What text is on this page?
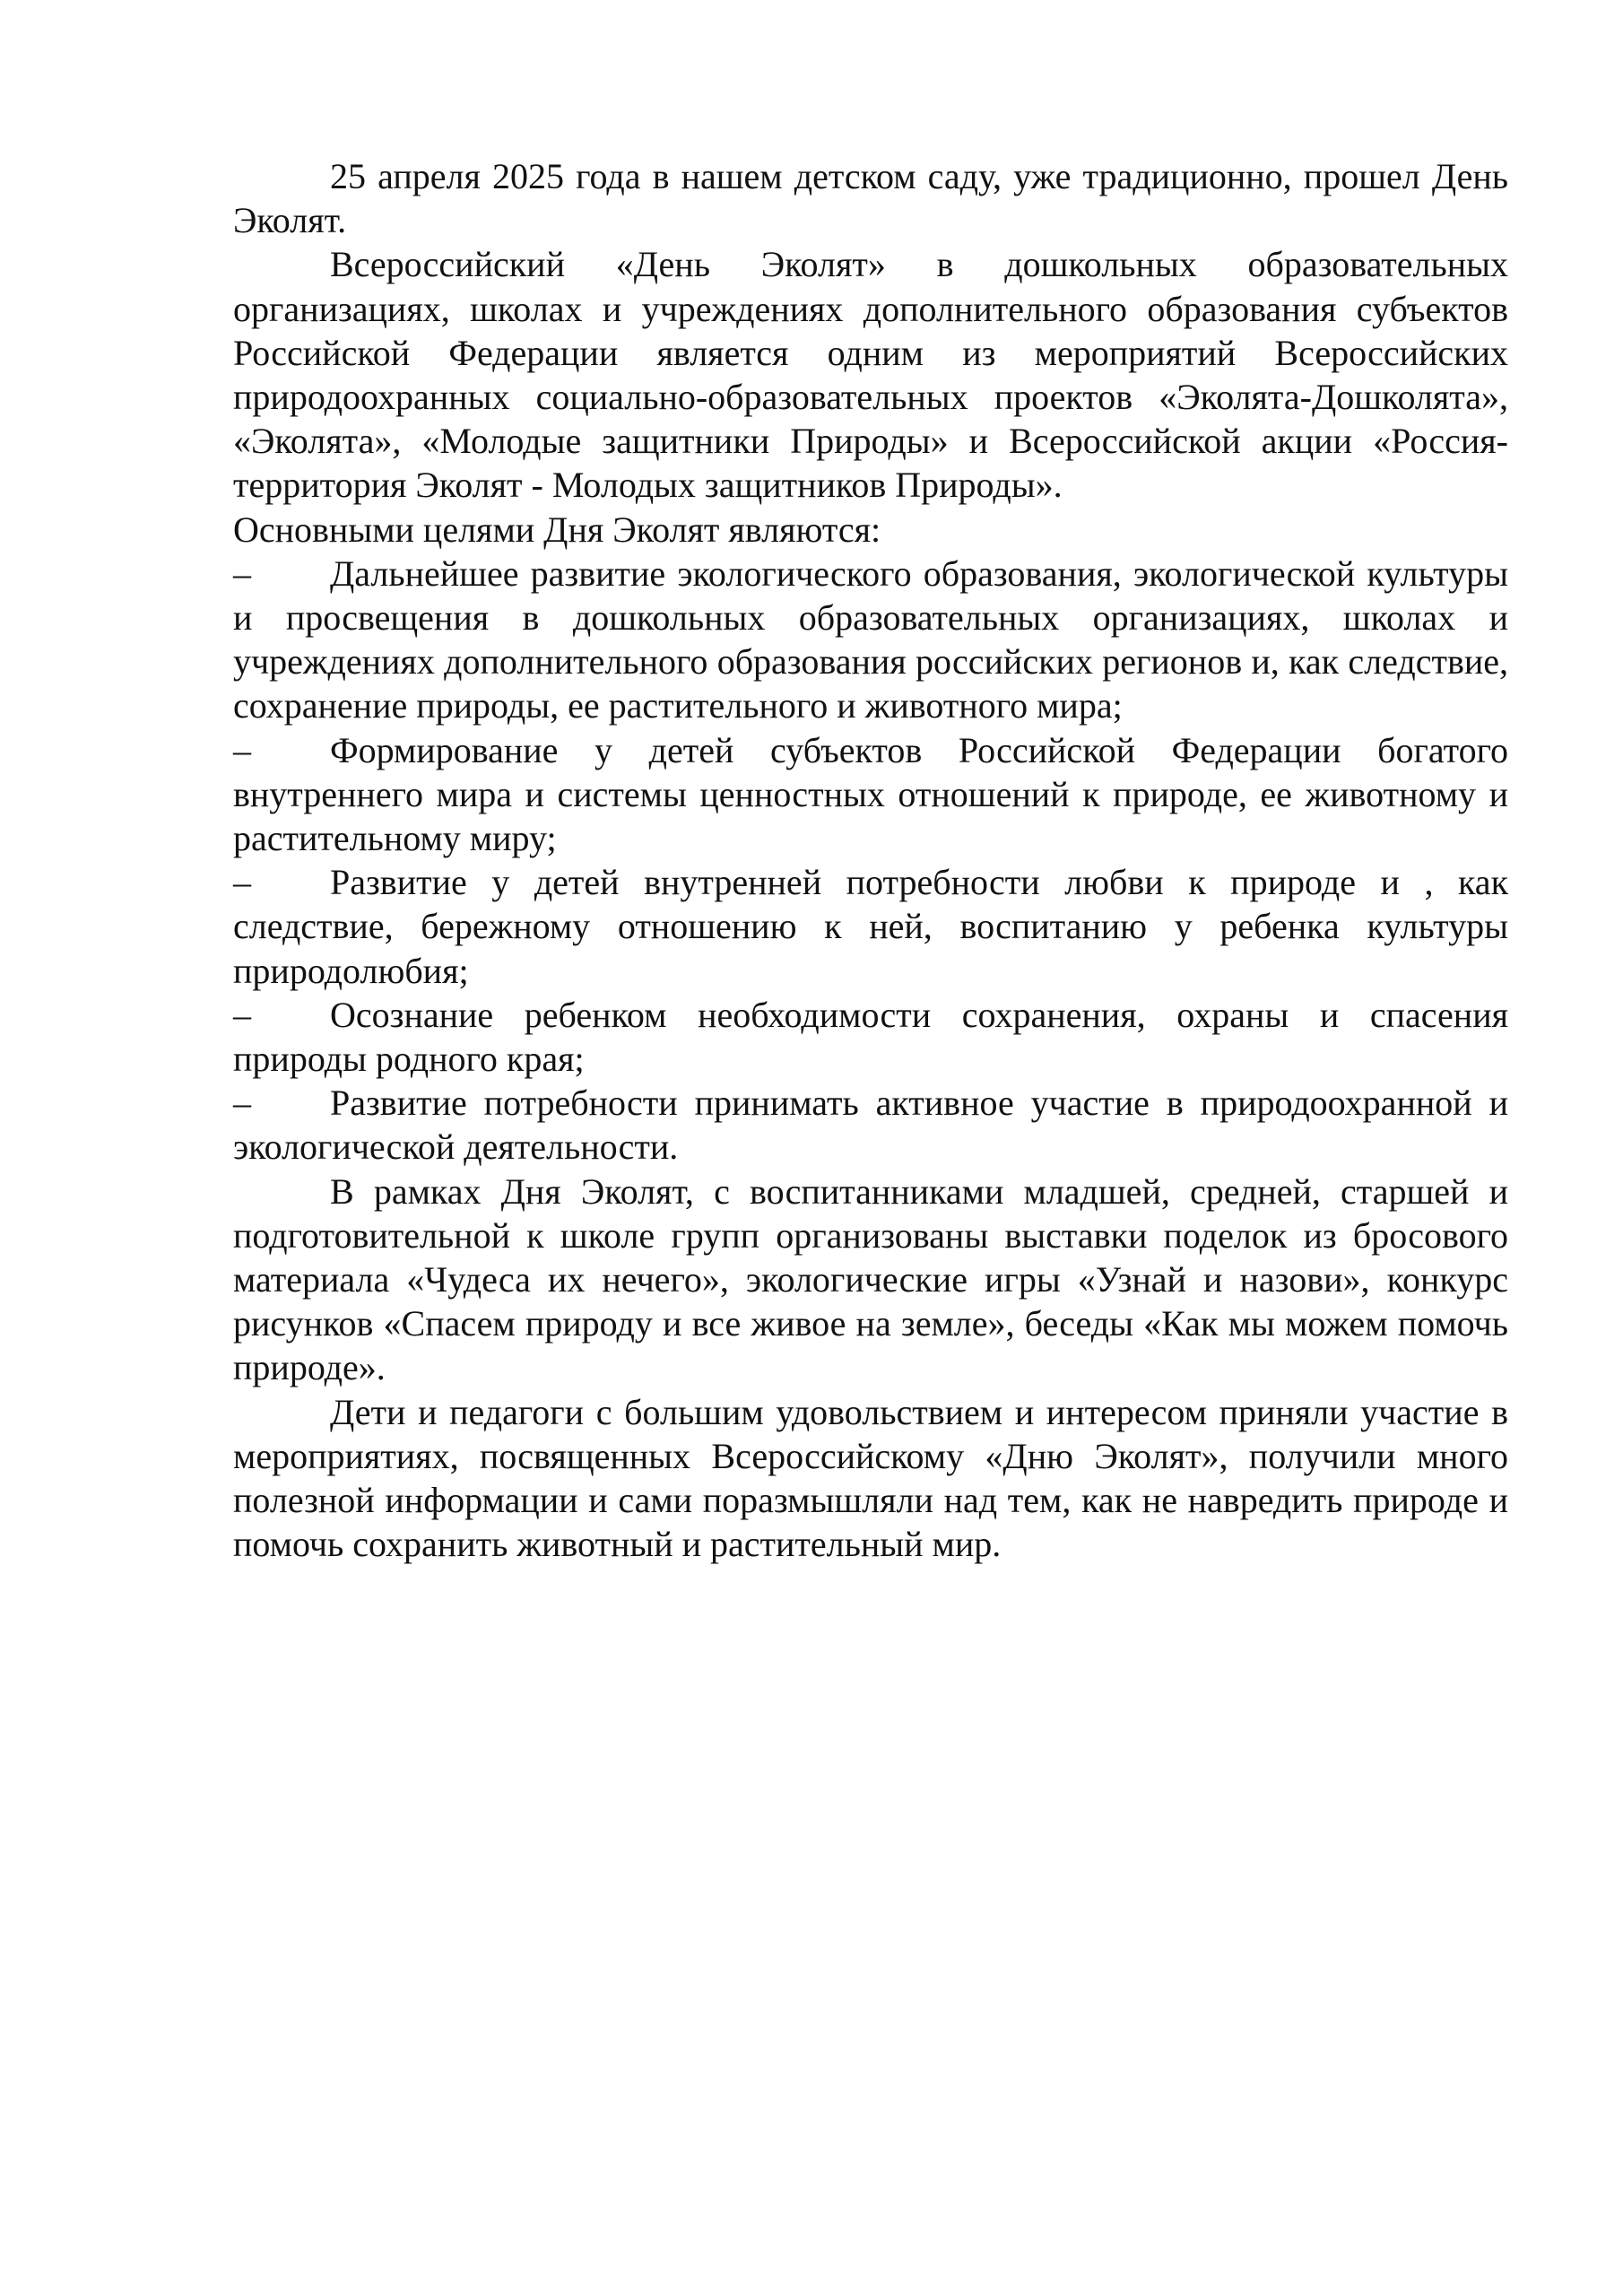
25 апреля 2025 года в нашем детском саду, уже традиционно, прошел День Эколят.

Всероссийский «День Эколят» в дошкольных образовательных организациях, школах и учреждениях дополнительного образования субъектов Российской Федерации является одним из мероприятий Всероссийских природоохранных социально-образовательных проектов «Эколята-Дошколята», «Эколята», «Молодые защитники Природы» и Всероссийской акции «Россия- территория Эколят - Молодых защитников Природы».

Основными целями Дня Эколят являются:

–	Дальнейшее развитие экологического образования, экологической культуры и просвещения в дошкольных образовательных организациях, школах и учреждениях дополнительного образования российских регионов и, как следствие, сохранение природы, ее растительного и животного мира;
–	Формирование у детей субъектов Российской Федерации богатого внутреннего мира и системы ценностных отношений к природе, ее животному и растительному миру;
–	Развитие у детей внутренней потребности любви к природе и , как следствие, бережному отношению к ней, воспитанию у ребенка культуры природолюбия;
–	Осознание ребенком необходимости сохранения, охраны и спасения природы родного края;
–	Развитие потребности принимать активное участие в природоохранной и экологической деятельности.

В рамках Дня Эколят, с воспитанниками младшей, средней, старшей и подготовительной к школе групп организованы выставки поделок из бросового материала «Чудеса их нечего», экологические игры «Узнай и назови», конкурс рисунков «Спасем природу и все живое на земле», беседы «Как мы можем помочь природе».

Дети и педагоги с большим удовольствием и интересом приняли участие в мероприятиях, посвященных Всероссийскому «Дню Эколят», получили много полезной информации и сами поразмышляли над тем, как не навредить природе и помочь сохранить животный и растительный мир.
